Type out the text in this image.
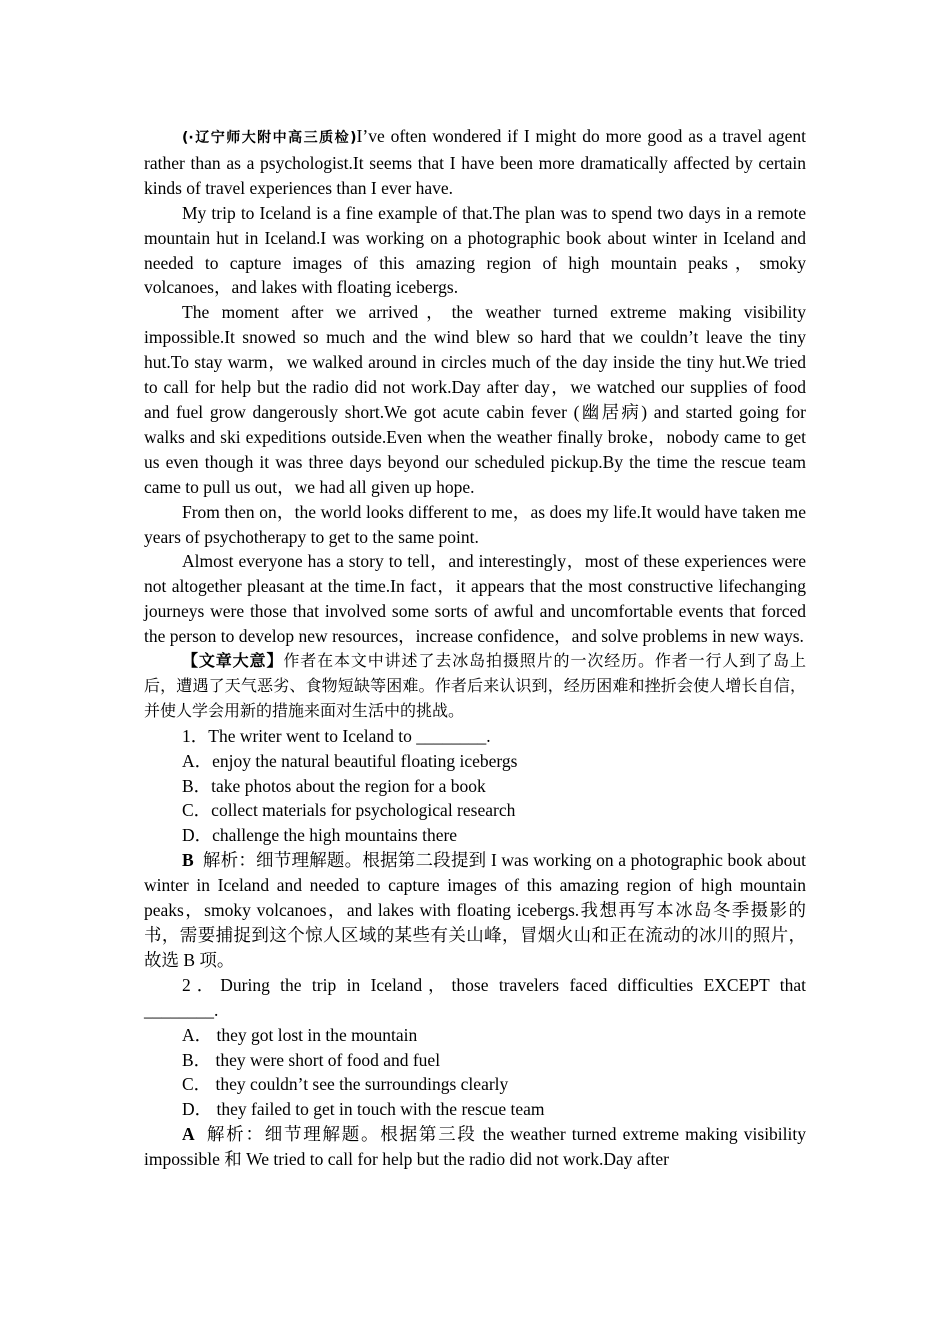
(·辽宁师大附中高三质检)I’ve often wondered if I might do more good as a travel agent rather than as a psychologist.It seems that I have been more dramatically affected by certain kinds of travel experiences than I ever have.

My trip to Iceland is a fine example of that.The plan was to spend two days in a remote mountain hut in Iceland.I was working on a photographic book about winter in Iceland and needed to capture images of this amazing region of high mountain peaks，smoky volcanoes，and lakes with floating icebergs.

The moment after we arrived，the weather turned extreme making visibility impossible.It snowed so much and the wind blew so hard that we couldn’t leave the tiny hut.To stay warm，we walked around in circles much of the day inside the tiny hut.We tried to call for help but the radio did not work.Day after day，we watched our supplies of food and fuel grow dangerously short.We got acute cabin fever (幽居病) and started going for walks and ski expeditions outside.Even when the weather finally broke，nobody came to get us even though it was three days beyond our scheduled pickup.By the time the rescue team came to pull us out，we had all given up hope.

From then on，the world looks different to me，as does my life.It would have taken me years of psychotherapy to get to the same point.

Almost everyone has a story to tell，and interestingly，most of these experiences were not altogether pleasant at the time.In fact，it appears that the most constructive lifechanging journeys were those that involved some sorts of awful and uncomfortable events that forced the person to develop new resources，increase confidence，and solve problems in new ways.

【文章大意】作者在本文中讲述了去冰岛拍摄照片的一次经历。作者一行人到了岛上后，遭遇了天气恶劣、食物短缺等困难。作者后来认识到，经历困难和挫折会使人增长自信，并使人学会用新的措施来面对生活中的挑战。

1．The writer went to Iceland to ________.

A．enjoy the natural beautiful floating icebergs

B．take photos about the region for a book

C．collect materials for psychological research

D．challenge the high mountains there

B 解析：细节理解题。根据第二段提到 I was working on a photographic book about winter in Iceland and needed to capture images of this amazing region of high mountain peaks，smoky volcanoes，and lakes with floating icebergs.我想再写本冰岛冬季摄影的书，需要捕捉到这个惊人区域的某些有关山峰，冒烟火山和正在流动的冰川的照片，故选 B 项。

2．During the trip in Iceland，those travelers faced difficulties EXCEPT that ________.

A． they got lost in the mountain

B． they were short of food and fuel

C． they couldn’t see the surroundings clearly

D． they failed to get in touch with the rescue team

A 解析：细节理解题。根据第三段 the weather turned extreme making visibility impossible 和 We tried to call for help but the radio did not work.Day after
